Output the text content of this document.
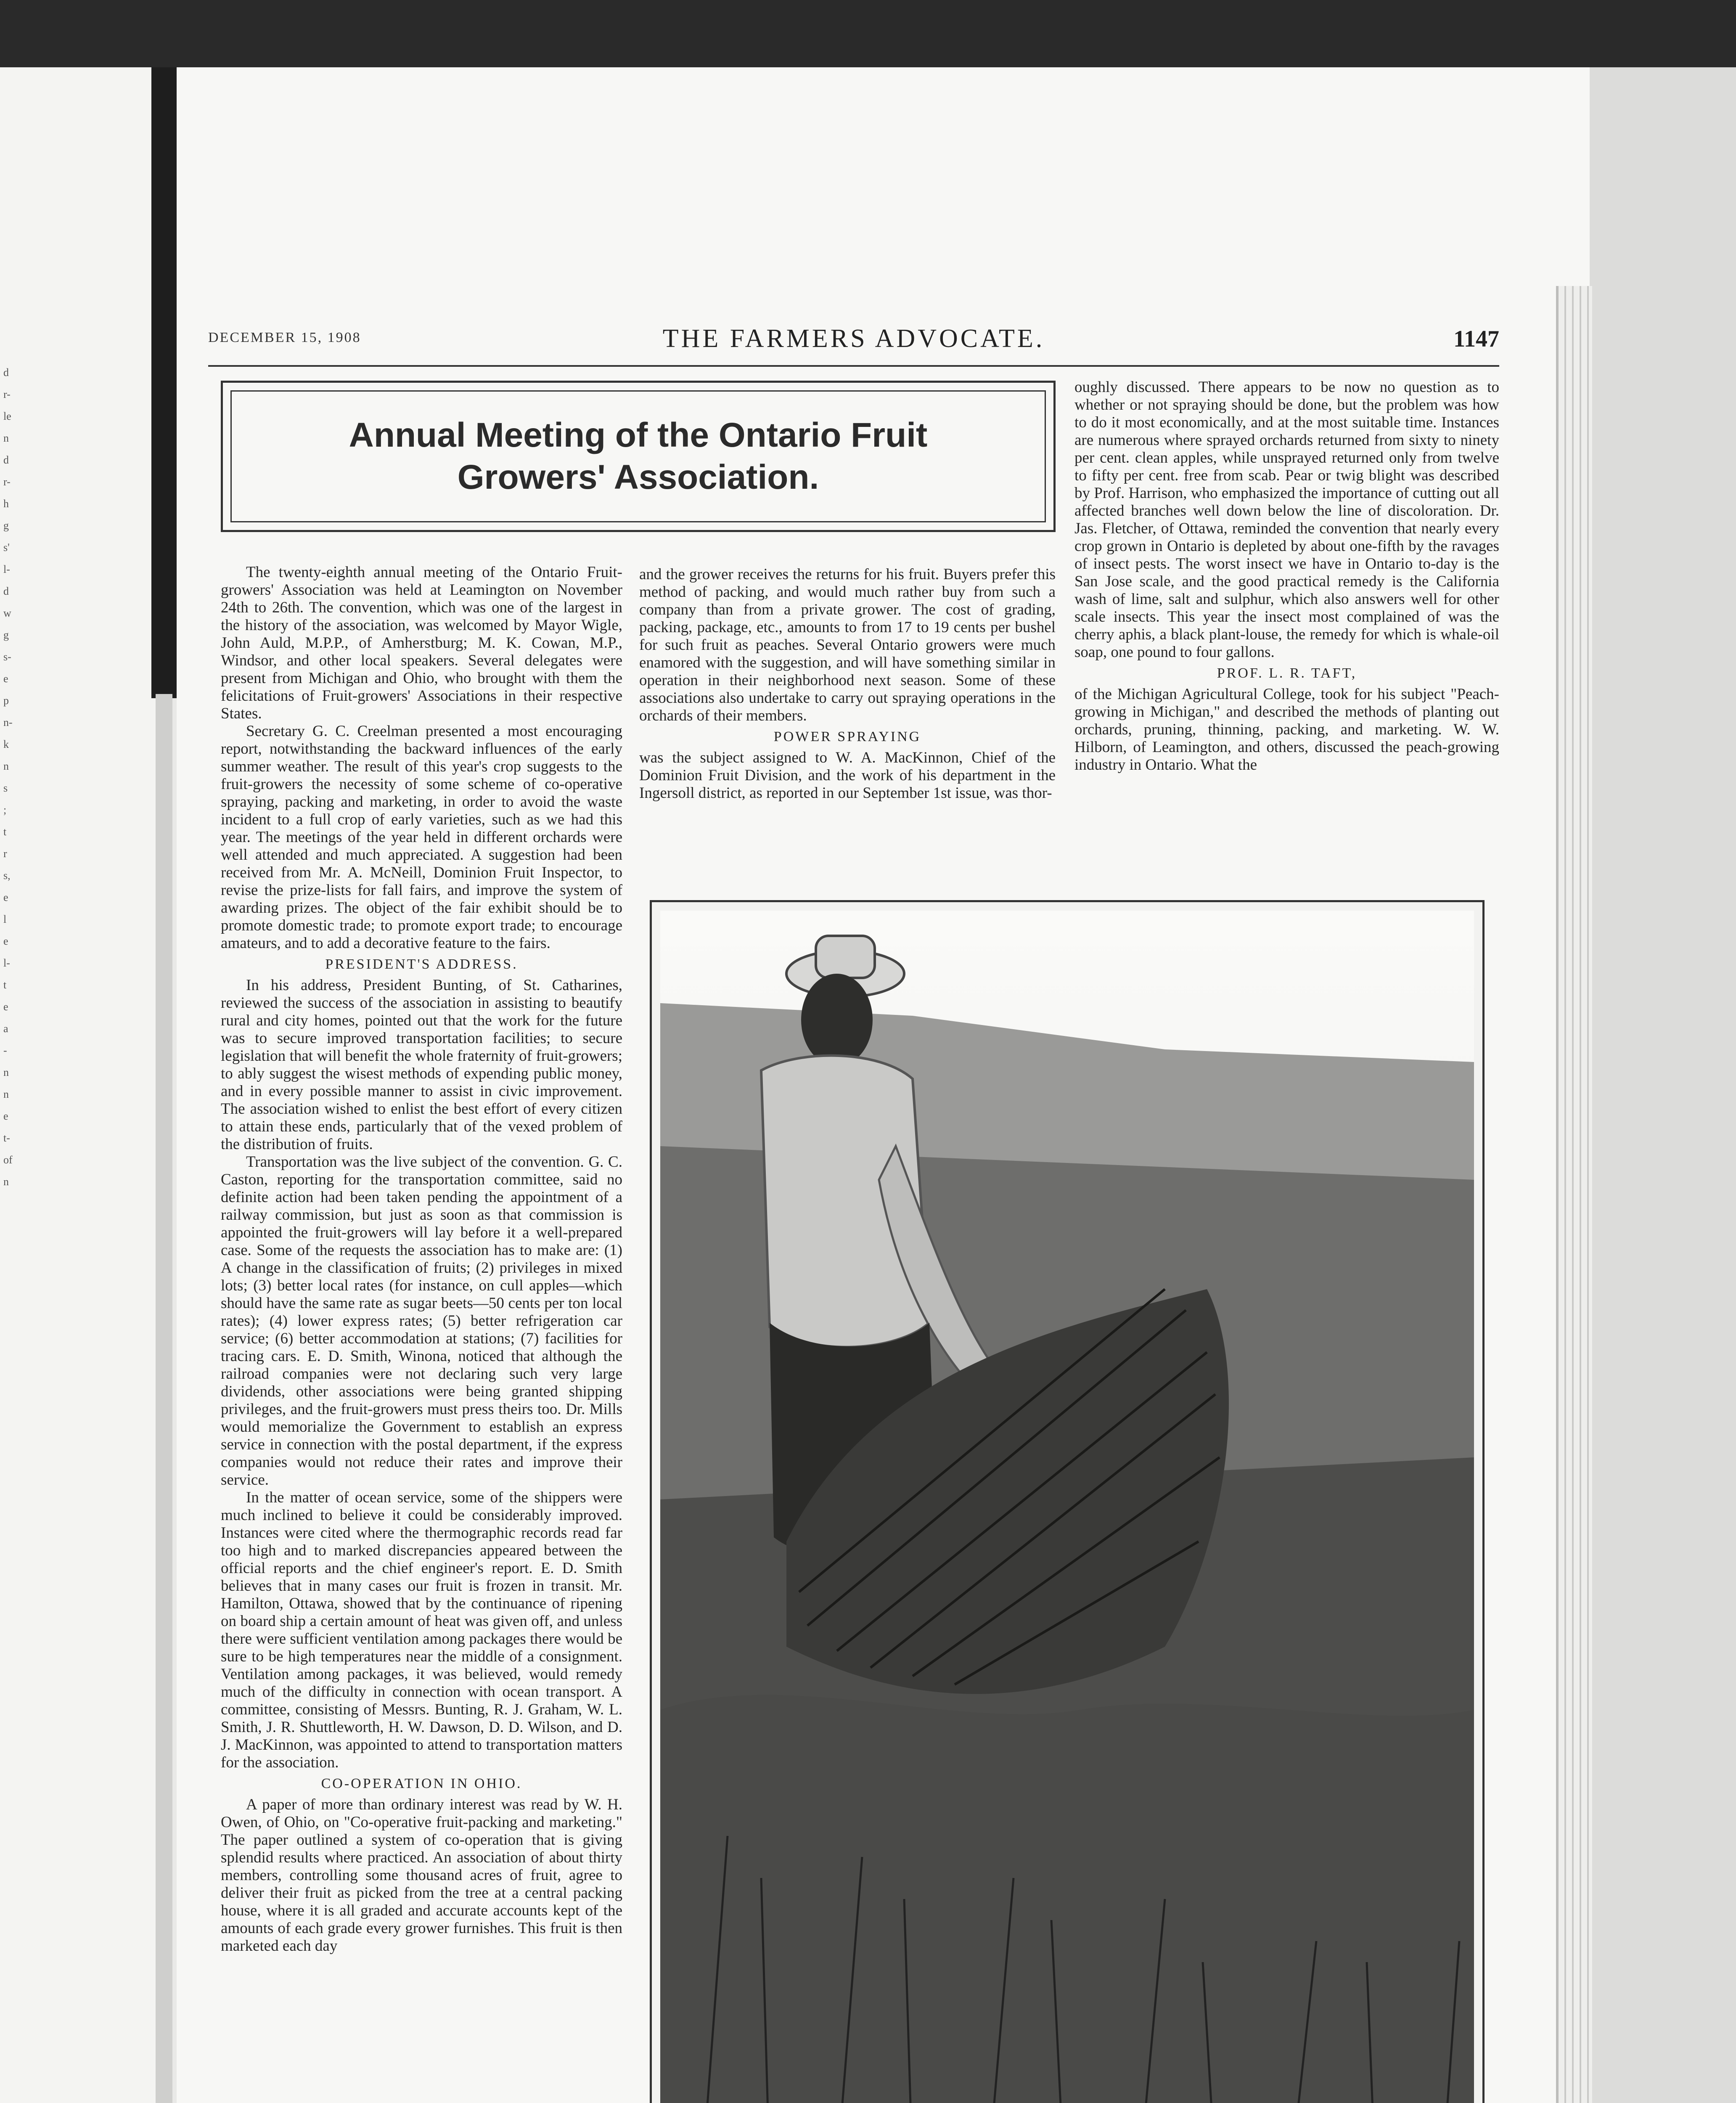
d
r-
le
n
d
r-
h
g
s'
l-
d
w
g
s-
e
p
n-
k
n
s
;
t
r
s,
e
l
e
l-
t
e
a
-
n
n
e
t-
of
n
THE FARMERS ADVOCATE.
DECEMBER 15, 1908	1147
Annual Meeting of the Ontario Fruit Growers' Association.

The twenty-eighth annual meeting of the Ontario Fruit-growers' Association was held at Leamington on November 24th to 26th. The convention, which was one of the largest in the history of the association, was welcomed by Mayor Wigle, John Auld, M.P.P., of Amherstburg; M. K. Cowan, M.P., Windsor, and other local speakers. Several delegates were present from Michigan and Ohio, who brought with them the felicitations of Fruit-growers' Associations in their respective States.

Secretary G. C. Creelman presented a most encouraging report, notwithstanding the backward influences of the early summer weather. The result of this year's crop suggests to the fruit-growers the necessity of some scheme of co-operative spraying, packing and marketing, in order to avoid the waste incident to a full crop of early varieties, such as we had this year. The meetings of the year held in different orchards were well attended and much appreciated. A suggestion had been received from Mr. A. McNeill, Dominion Fruit Inspector, to revise the prize-lists for fall fairs, and improve the system of awarding prizes. The object of the fair exhibit should be to promote domestic trade; to promote export trade; to encourage amateurs, and to add a decorative feature to the fairs.

PRESIDENT'S ADDRESS.

In his address, President Bunting, of St. Catharines, reviewed the success of the association in assisting to beautify rural and city homes, pointed out that the work for the future was to secure improved transportation facilities; to secure legislation that will benefit the whole fraternity of fruit-growers; to ably suggest the wisest methods of expending public money, and in every possible manner to assist in civic improvement. The association wished to enlist the best effort of every citizen to attain these ends, particularly that of the vexed problem of the distribution of fruits.

Transportation was the live subject of the convention. G. C. Caston, reporting for the transportation committee, said no definite action had been taken pending the appointment of a railway commission, but just as soon as that commission is appointed the fruit-growers will lay before it a well-prepared case. Some of the requests the association has to make are: (1) A change in the classification of fruits; (2) privileges in mixed lots; (3) better local rates (for instance, on cull apples—which should have the same rate as sugar beets—50 cents per ton local rates); (4) lower express rates; (5) better refrigeration car service; (6) better accommodation at stations; (7) facilities for tracing cars. E. D. Smith, Winona, noticed that although the railroad companies were not declaring such very large dividends, other associations were being granted shipping privileges, and the fruit-growers must press theirs too. Dr. Mills would memorialize the Government to establish an express service in connection with the postal department, if the express companies would not reduce their rates and improve their service.

In the matter of ocean service, some of the shippers were much inclined to believe it could be considerably improved. Instances were cited where the thermographic records read far too high and to marked discrepancies appeared between the official reports and the chief engineer's report. E. D. Smith believes that in many cases our fruit is frozen in transit. Mr. Hamilton, Ottawa, showed that by the continuance of ripening on board ship a certain amount of heat was given off, and unless there were sufficient ventilation among packages there would be sure to be high temperatures near the middle of a consignment. Ventilation among packages, it was believed, would remedy much of the difficulty in connection with ocean transport. A committee, consisting of Messrs. Bunting, R. J. Graham, W. L. Smith, J. R. Shuttleworth, H. W. Dawson, D. D. Wilson, and D. J. MacKinnon, was appointed to attend to transportation matters for the association.

CO-OPERATION IN OHIO.

A paper of more than ordinary interest was read by W. H. Owen, of Ohio, on "Co-operative fruit-packing and marketing." The paper outlined a system of co-operation that is giving splendid results where practiced. An association of about thirty members, controlling some thousand acres of fruit, agree to deliver their fruit as picked from the tree at a central packing house, where it is all graded and accurate accounts kept of the amounts of each grade every grower furnishes. This fruit is then marketed each day

and the grower receives the returns for his fruit. Buyers prefer this method of packing, and would much rather buy from such a company than from a private grower. The cost of grading, packing, package, etc., amounts to from 17 to 19 cents per bushel for such fruit as peaches. Several Ontario growers were much enamored with the suggestion, and will have something similar in operation in their neighborhood next season. Some of these associations also undertake to carry out spraying operations in the orchards of their members.

POWER SPRAYING

was the subject assigned to W. A. MacKinnon, Chief of the Dominion Fruit Division, and the work of his department in the Ingersoll district, as reported in our September 1st issue, was thor-

oughly discussed. There appears to be now no question as to whether or not spraying should be done, but the problem was how to do it most economically, and at the most suitable time. Instances are numerous where sprayed orchards returned from sixty to ninety per cent. clean apples, while unsprayed returned only from twelve to fifty per cent. free from scab. Pear or twig blight was described by Prof. Harrison, who emphasized the importance of cutting out all affected branches well down below the line of discoloration. Dr. Jas. Fletcher, of Ottawa, reminded the convention that nearly every crop grown in Ontario is depleted by about one-fifth by the ravages of insect pests. The worst insect we have in Ontario to-day is the San Jose scale, and the good practical remedy is the California wash of lime, salt and sulphur, which also answers well for other scale insects. This year the insect most complained of was the cherry aphis, a black plant-louse, the remedy for which is whale-oil soap, one pound to four gallons.

PROF. L. R. TAFT,

of the Michigan Agricultural College, took for his subject "Peach-growing in Michigan," and described the methods of planting out orchards, pruning, thinning, packing, and marketing. W. W. Hilborn, of Leamington, and others, discussed the peach-growing industry in Ontario. What the
